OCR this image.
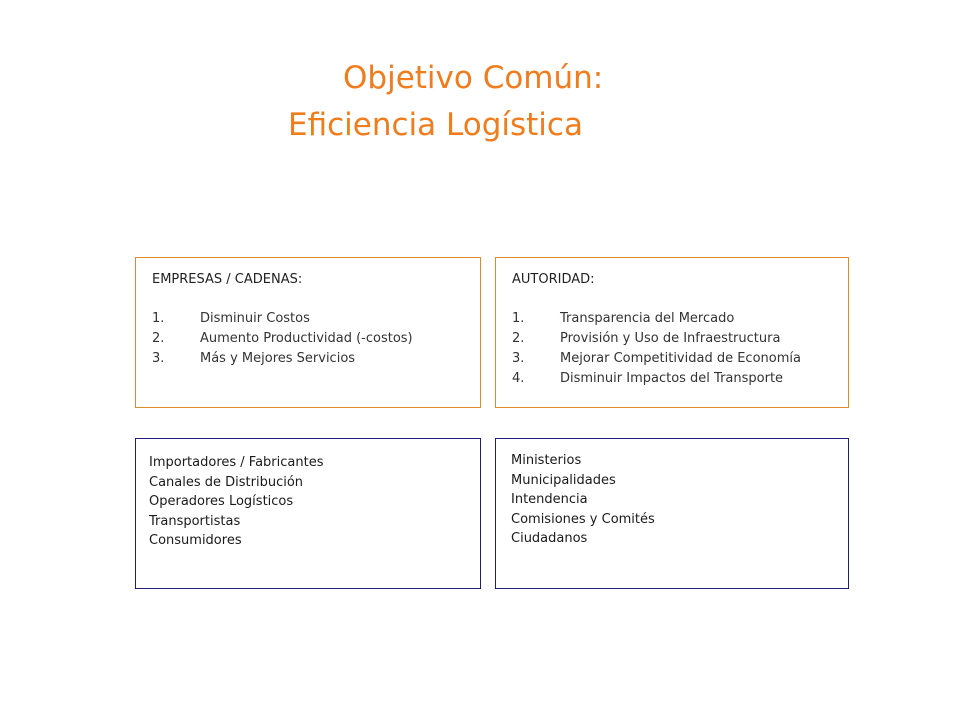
Objetivo Común:
Eficiencia Logística
EMPRESAS / CADENAS:
1.	Disminuir Costos
2.	Aumento Productividad (-costos)
3.	Más y Mejores Servicios
AUTORIDAD:
1.	Transparencia del Mercado
2.	Provisión y Uso de Infraestructura
3.	Mejorar Competitividad de Economía
4.	Disminuir Impactos del Transporte
Importadores / Fabricantes
Canales de Distribución
Operadores Logísticos
Transportistas
Consumidores
Ministerios
Municipalidades
Intendencia
Comisiones y Comités
Ciudadanos
